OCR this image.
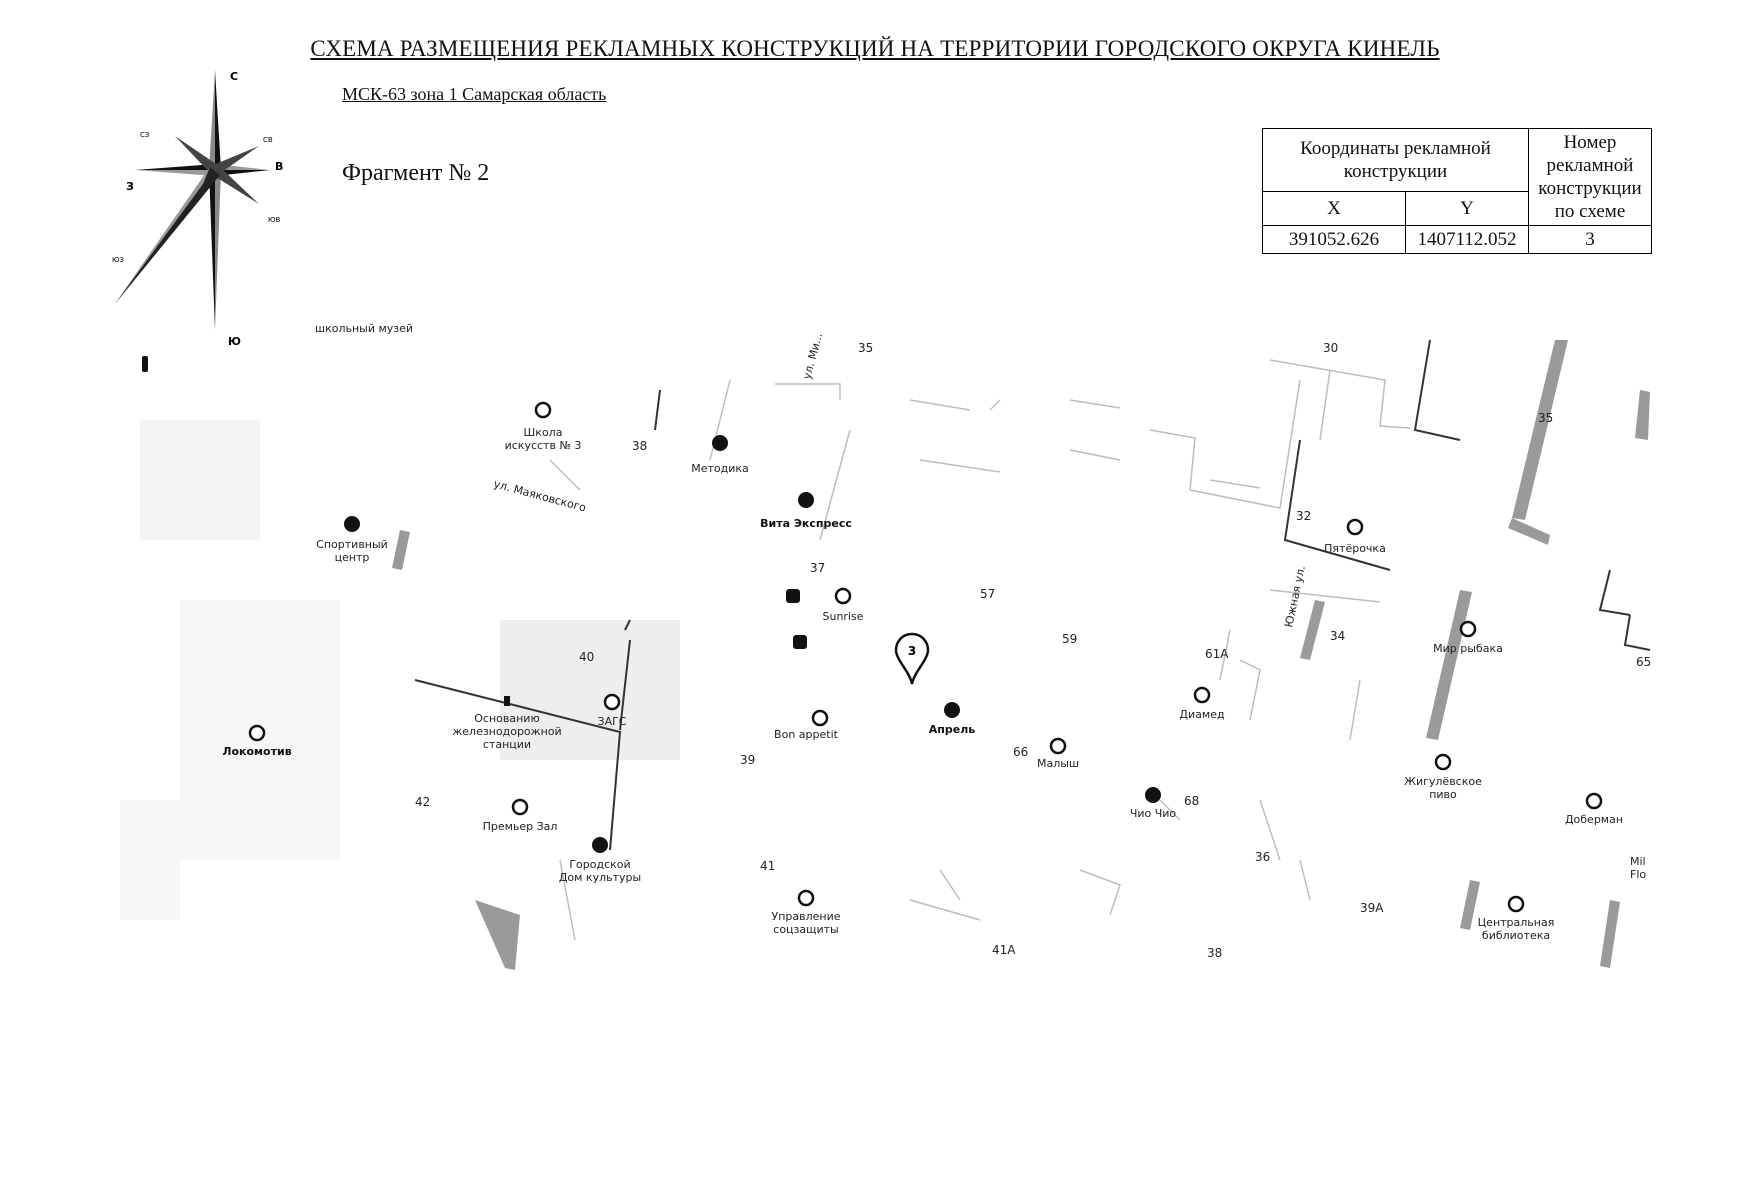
СХЕМА РАЗМЕЩЕНИЯ РЕКЛАМНЫХ КОНСТРУКЦИЙ НА ТЕРРИТОРИИ ГОРОДСКОГО ОКРУГА КИНЕЛЬ
МСК-63 зона 1 Самарская область
Фрагмент № 2
С
Ю
З
В
СЗ
СВ
ЮВ
ЮЗ
Координаты рекламной конструкции		Номер рекламной конструкции по схеме
X	Y	
391052.626	1407112.052	3
ул. Ми...
ул. Маяковского
Южная ул.
3
Школа
искусств № 3
Методика
Вита Экспресс
Спортивный
центр
Sunrise
Пятёрочка
Мир рыбака
ЗАГС
Основанию
железнодорожной
станции
Локомотив
Bon appetit	Апрель
Малыш
Диамед
Чио Чио
Жигулёвское
пиво
Доберман
Премьер Зал
Городской
Дом культуры
Управление
соцзащиты
Центральная
библиотека
Mil
Flo
школьный музей
35	30
35
38
32
37
57
40
59
61А
34
65
39
66
42	68
36
41
39А
41А	38
